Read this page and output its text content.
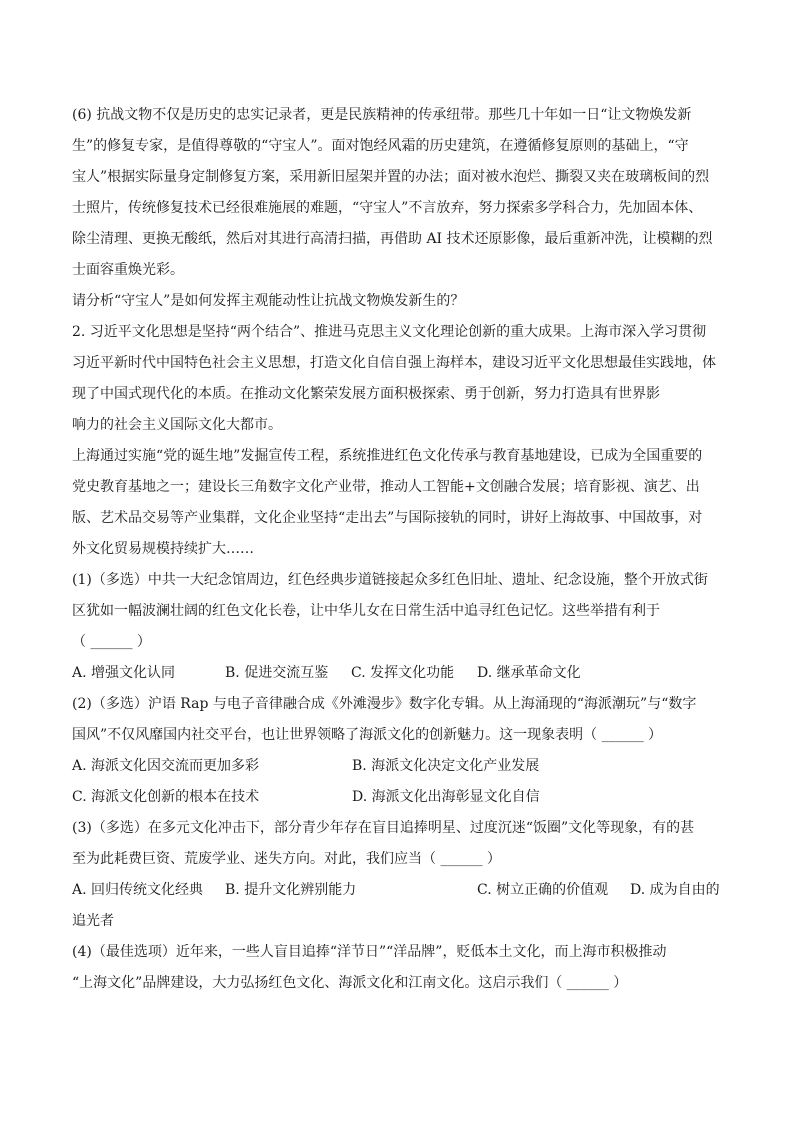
(6) 抗战文物不仅是历史的忠实记录者，更是民族精神的传承纽带。那些几十年如一日“让文物焕发新
生”的修复专家，是值得尊敬的“守宝人”。面对饱经风霜的历史建筑，在遵循修复原则的基础上，“守
宝人”根据实际量身定制修复方案，采用新旧屋架并置的办法；面对被水泡烂、撕裂又夹在玻璃板间的烈
士照片，传统修复技术已经很难施展的难题，“守宝人”不言放弃，努力探索多学科合力，先加固本体、
除尘清理、更换无酸纸，然后对其进行高清扫描，再借助 AI 技术还原影像，最后重新冲洗，让模糊的烈
士面容重焕光彩。

请分析“守宝人”是如何发挥主观能动性让抗战文物焕发新生的？

2. 习近平文化思想是坚持“两个结合”、推进马克思主义文化理论创新的重大成果。上海市深入学习贯彻
习近平新时代中国特色社会主义思想，打造文化自信自强上海样本，建设习近平文化思想最佳实践地，体
现了中国式现代化的本质。在推动文化繁荣发展方面积极探索、勇于创新，努力打造具有世界影
响力的社会主义国际文化大都市。

上海通过实施“党的诞生地”发掘宣传工程，系统推进红色文化传承与教育基地建设，已成为全国重要的
党史教育基地之一；建设长三角数字文化产业带，推动人工智能+文创融合发展；培育影视、演艺、出
版、艺术品交易等产业集群，文化企业坚持“走出去”与国际接轨的同时，讲好上海故事、中国故事，对
外文化贸易规模持续扩大……

(1)（多选）中共一大纪念馆周边，红色经典步道链接起众多红色旧址、遗址、纪念设施，整个开放式街
区犹如一幅波澜壮阔的红色文化长卷，让中华儿女在日常生活中追寻红色记忆。这些举措有利于
（ ______ ）

A. 增强文化认同	B. 促进交流互鉴	C. 发挥文化功能	D. 继承革命文化

(2)（多选）沪语 Rap 与电子音律融合成《外滩漫步》数字化专辑。从上海涌现的“海派潮玩”与“数字
国风”不仅风靡国内社交平台，也让世界领略了海派文化的创新魅力。这一现象表明（ ______ ）

A. 海派文化因交流而更加多彩	B. 海派文化决定文化产业发展
C. 海派文化创新的根本在技术	D. 海派文化出海彰显文化自信

(3)（多选）在多元文化冲击下，部分青少年存在盲目追捧明星、过度沉迷“饭圈”文化等现象，有的甚
至为此耗费巨资、荒废学业、迷失方向。对此，我们应当（ ______ ）

A. 回归传统文化经典	B. 提升文化辨别能力	C. 树立正确的价值观	D. 成为自由的

追光者

(4)（最佳选项）近年来，一些人盲目追捧“洋节日”“洋品牌”，贬低本土文化，而上海市积极推动
“上海文化”品牌建设，大力弘扬红色文化、海派文化和江南文化。这启示我们（ ______ ）
